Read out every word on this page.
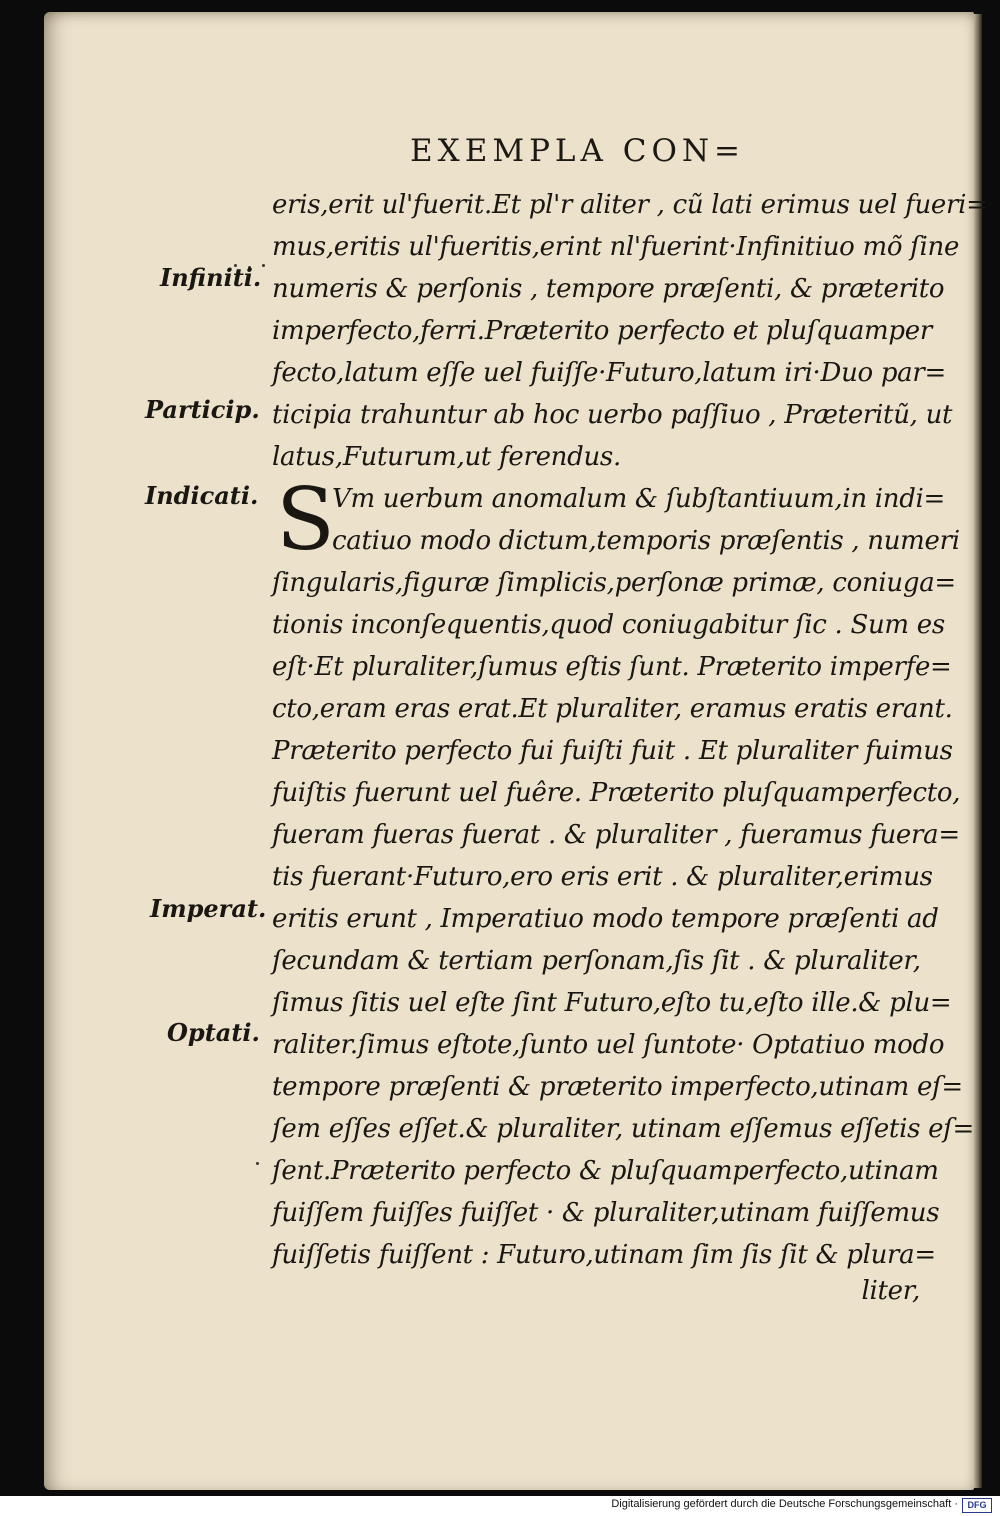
EXEMPLA CON=
Infiniti.
Particip.
Indicati.
Imperat.
Optati.
S
eris,erit ul'fuerit.Et pl'r aliter , cũ lati erimus uel fueri=
mus,eritis ul'fueritis,erint nl'fuerint·Infinitiuo mõ ſine
numeris & perſonis , tempore præſenti, & præterito
imperfecto,ferri.Præterito perfecto et pluſquamper
fecto,latum eſſe uel fuiſſe·Futuro,latum iri·Duo par=
ticipia trahuntur ab hoc uerbo paſſiuo , Præteritũ, ut
latus,Futurum,ut ferendus.
Vm uerbum anomalum & ſubſtantiuum,in indi=
catiuo modo dictum,temporis præſentis , numeri
ſingularis,figuræ ſimplicis,perſonæ primæ, coniuga=
tionis inconſequentis,quod coniugabitur ſic . Sum es
eſt·Et pluraliter,ſumus eſtis ſunt. Præterito imperfe=
cto,eram eras erat.Et pluraliter, eramus eratis erant.
Præterito perfecto fui fuiſti fuit . Et pluraliter fuimus
fuiſtis fuerunt uel fuêre. Præterito pluſquamperfecto,
fueram fueras fuerat . & pluraliter , fueramus fuera=
tis fuerant·Futuro,ero eris erit . & pluraliter,erimus
eritis erunt , Imperatiuo modo tempore præſenti ad
ſecundam & tertiam perſonam,ſis ſit . & pluraliter,
ſimus ſitis uel eſte ſint Futuro,eſto tu,eſto ille.& plu=
raliter.ſimus eſtote,ſunto uel ſuntote· Optatiuo modo
tempore præſenti & præterito imperfecto,utinam eſ=
ſem eſſes eſſet.& pluraliter, utinam eſſemus eſſetis eſ=
ſent.Præterito perfecto & pluſquamperfecto,utinam
fuiſſem fuiſſes fuiſſet · & pluraliter,utinam fuiſſemus
fuiſſetis fuiſſent : Futuro,utinam ſim ſis ſit & plura=
liter,
Digitalisierung gefördert durch die Deutsche Forschungsgemeinschaft ·	DFG
